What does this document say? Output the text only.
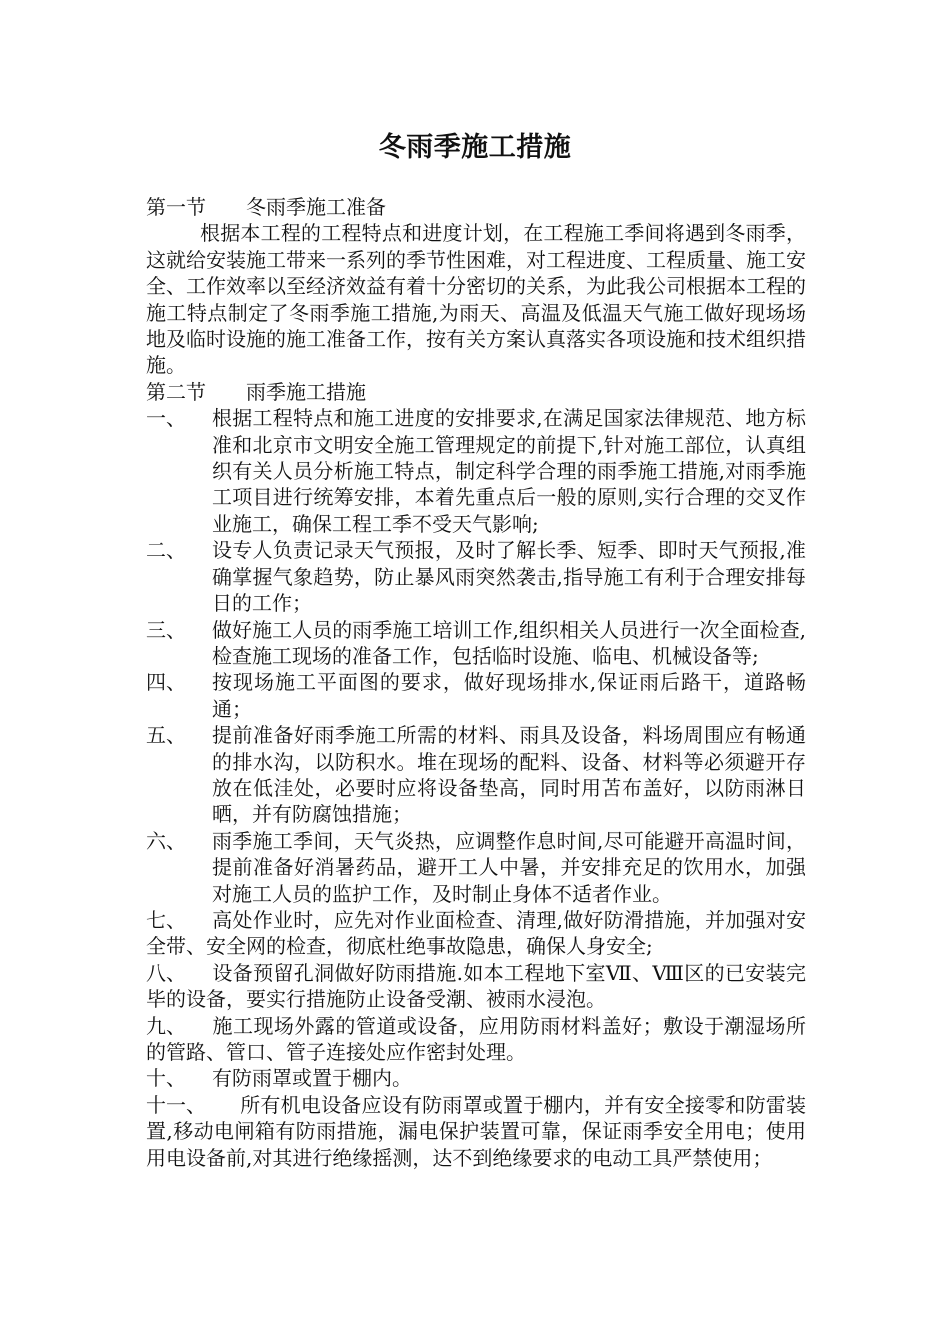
冬雨季施工措施
第一节 冬雨季施工准备

根据本工程的工程特点和进度计划，在工程施工季间将遇到冬雨季，这就给安装施工带来一系列的季节性困难，对工程进度、工程质量、施工安全、工作效率以至经济效益有着十分密切的关系，为此我公司根据本工程的施工特点制定了冬雨季施工措施,为雨天、高温及低温天气施工做好现场场地及临时设施的施工准备工作，按有关方案认真落实各项设施和技术组织措施。

第二节 雨季施工措施

一、 根据工程特点和施工进度的安排要求,在满足国家法律规范、地方标准和北京市文明安全施工管理规定的前提下,针对施工部位，认真组织有关人员分析施工特点，制定科学合理的雨季施工措施,对雨季施工项目进行统筹安排，本着先重点后一般的原则,实行合理的交叉作业施工，确保工程工季不受天气影响;

二、 设专人负责记录天气预报，及时了解长季、短季、即时天气预报,准确掌握气象趋势，防止暴风雨突然袭击,指导施工有利于合理安排每日的工作；

三、 做好施工人员的雨季施工培训工作,组织相关人员进行一次全面检查,检查施工现场的准备工作，包括临时设施、临电、机械设备等;

四、 按现场施工平面图的要求，做好现场排水,保证雨后路干，道路畅通；

五、 提前准备好雨季施工所需的材料、雨具及设备，料场周围应有畅通的排水沟，以防积水。堆在现场的配料、设备、材料等必须避开存放在低洼处，必要时应将设备垫高，同时用苫布盖好，以防雨淋日晒，并有防腐蚀措施；

六、 雨季施工季间，天气炎热，应调整作息时间,尽可能避开高温时间，提前准备好消暑药品，避开工人中暑，并安排充足的饮用水，加强对施工人员的监护工作，及时制止身体不适者作业。

七、 高处作业时，应先对作业面检查、清理,做好防滑措施，并加强对安全带、安全网的检查，彻底杜绝事故隐患，确保人身安全;

八、 设备预留孔洞做好防雨措施.如本工程地下室Ⅶ、Ⅷ区的已安装完毕的设备，要实行措施防止设备受潮、被雨水浸泡。

九、 施工现场外露的管道或设备，应用防雨材料盖好；敷设于潮湿场所的管路、管口、管子连接处应作密封处理。

十、 有防雨罩或置于棚内。

十一、 所有机电设备应设有防雨罩或置于棚内，并有安全接零和防雷装置,移动电闸箱有防雨措施，漏电保护装置可靠，保证雨季安全用电；使用用电设备前,对其进行绝缘摇测，达不到绝缘要求的电动工具严禁使用；
